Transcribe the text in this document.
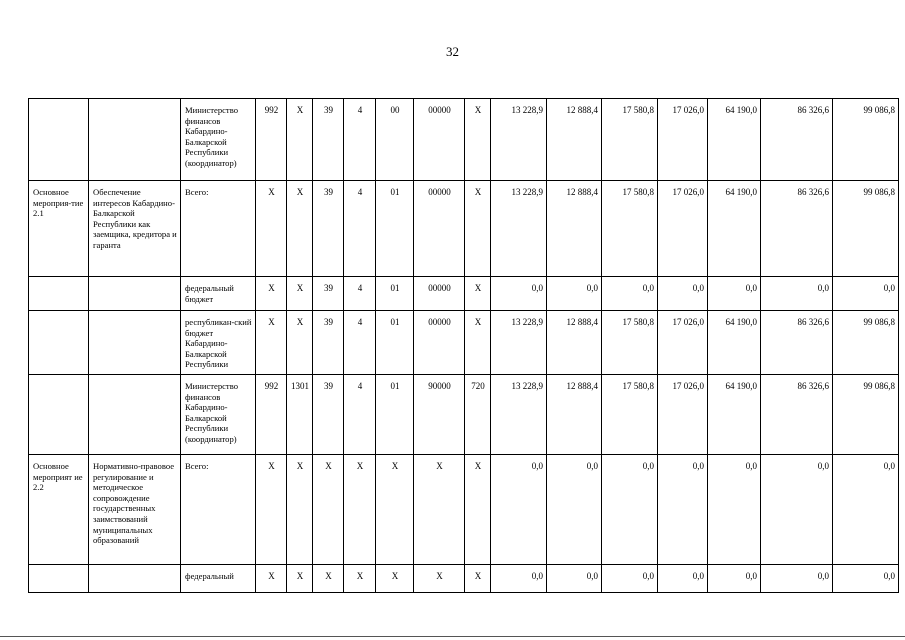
32
		Министерство финансов Кабардино-Балкарской Республики (координатор)	992	Х	39	4	00	00000	Х	13 228,9	12 888,4	17 580,8	17 026,0	64 190,0	86 326,6	99 086,8
Основное мероприя-тие 2.1	Обеспечение интересов Кабардино-Балкарской Республики как заемщика, кредитора и гаранта	Всего:	Х	Х	39	4	01	00000	Х	13 228,9	12 888,4	17 580,8	17 026,0	64 190,0	86 326,6	99 086,8
		федеральный бюджет	Х	Х	39	4	01	00000	Х	0,0	0,0	0,0	0,0	0,0	0,0	0,0
		республикан-ский бюджет Кабардино-Балкарской Республики	Х	Х	39	4	01	00000	Х	13 228,9	12 888,4	17 580,8	17 026,0	64 190,0	86 326,6	99 086,8
		Министерство финансов Кабардино-Балкарской Республики (координатор)	992	1301	39	4	01	90000	720	13 228,9	12 888,4	17 580,8	17 026,0	64 190,0	86 326,6	99 086,8
Основное мероприят ие 2.2	Нормативно-правовое регулирование и методическое сопровождение государственных заимствований муниципальных образований	Всего:	Х	Х	Х	Х	Х	Х	Х	0,0	0,0	0,0	0,0	0,0	0,0	0,0
		федеральный	Х	Х	Х	Х	Х	Х	Х	0,0	0,0	0,0	0,0	0,0	0,0	0,0
